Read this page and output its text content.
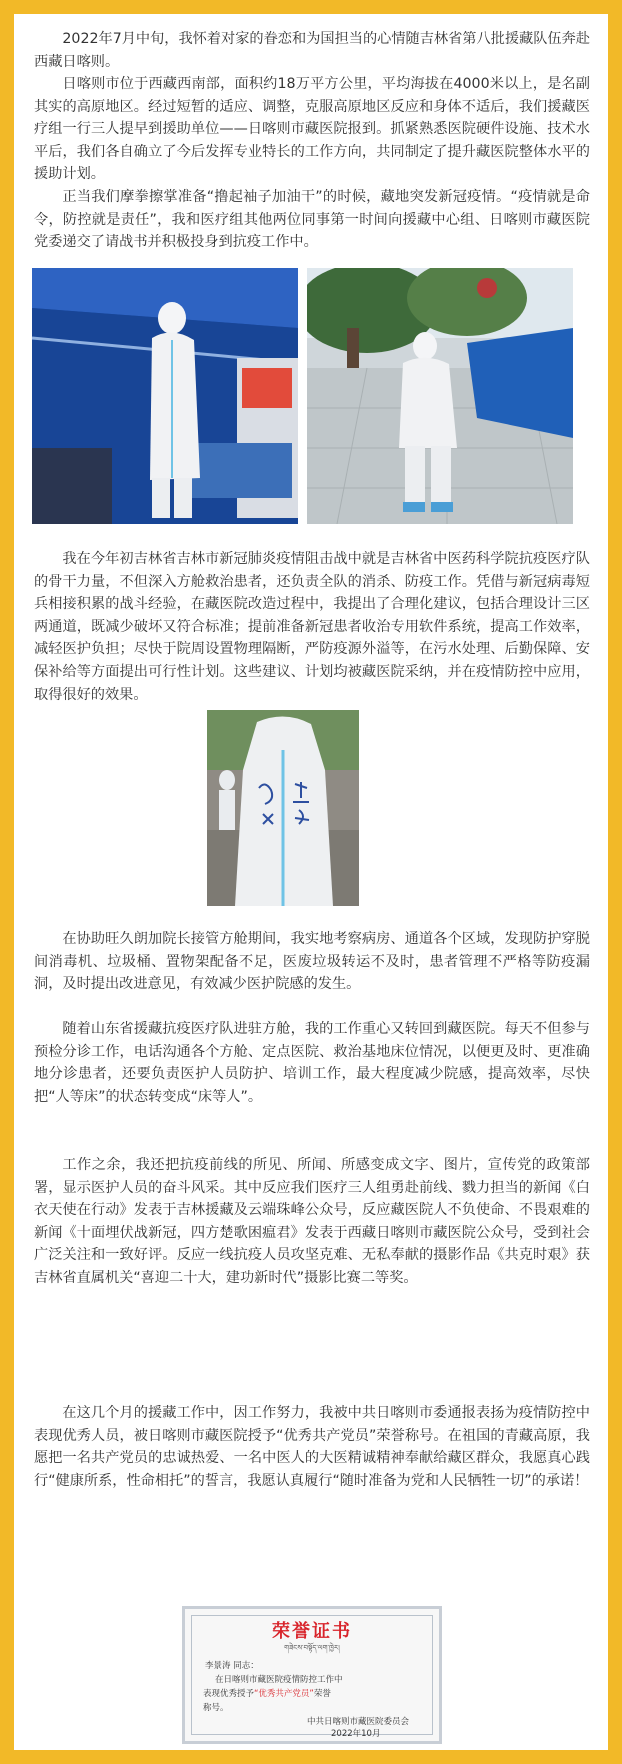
2022年7月中旬，我怀着对家的眷恋和为国担当的心情随吉林省第八批援藏队伍奔赴西藏日喀则。

日喀则市位于西藏西南部，面积约18万平方公里，平均海拔在4000米以上，是名副其实的高原地区。经过短暂的适应、调整，克服高原地区反应和身体不适后，我们援藏医疗组一行三人提早到援助单位——日喀则市藏医院报到。抓紧熟悉医院硬件设施、技术水平后，我们各自确立了今后发挥专业特长的工作方向，共同制定了提升藏医院整体水平的援助计划。

正当我们摩拳擦掌准备“撸起袖子加油干”的时候，藏地突发新冠疫情。“疫情就是命令，防控就是责任”，我和医疗组其他两位同事第一时间向援藏中心组、日喀则市藏医院党委递交了请战书并积极投身到抗疫工作中。

我在今年初吉林省吉林市新冠肺炎疫情阻击战中就是吉林省中医药科学院抗疫医疗队的骨干力量，不但深入方舱救治患者，还负责全队的消杀、防疫工作。凭借与新冠病毒短兵相接积累的战斗经验，在藏医院改造过程中，我提出了合理化建议，包括合理设计三区两通道，既减少破坏又符合标准；提前准备新冠患者收治专用软件系统，提高工作效率，减轻医护负担；尽快于院周设置物理隔断，严防疫源外溢等，在污水处理、后勤保障、安保补给等方面提出可行性计划。这些建议、计划均被藏医院采纳，并在疫情防控中应用，取得很好的效果。

在协助旺久朗加院长接管方舱期间，我实地考察病房、通道各个区域，发现防护穿脱间消毒机、垃圾桶、置物架配备不足，医废垃圾转运不及时，患者管理不严格等防疫漏洞，及时提出改进意见，有效减少医护院感的发生。

随着山东省援藏抗疫医疗队进驻方舱，我的工作重心又转回到藏医院。每天不但参与预检分诊工作，电话沟通各个方舱、定点医院、救治基地床位情况，以便更及时、更准确地分诊患者，还要负责医护人员防护、培训工作，最大程度减少院感，提高效率，尽快把“人等床”的状态转变成“床等人”。

工作之余，我还把抗疫前线的所见、所闻、所感变成文字、图片，宣传党的政策部署，显示医护人员的奋斗风采。其中反应我们医疗三人组勇赴前线、戮力担当的新闻《白衣天使在行动》发表于吉林援藏及云端珠峰公众号，反应藏医院人不负使命、不畏艰难的新闻《十面埋伏战新冠，四方楚歌困瘟君》发表于西藏日喀则市藏医院公众号，受到社会广泛关注和一致好评。反应一线抗疫人员攻坚克难、无私奉献的摄影作品《共克时艰》获吉林省直属机关“喜迎二十大，建功新时代”摄影比赛二等奖。

在这几个月的援藏工作中，因工作努力，我被中共日喀则市委通报表扬为疫情防控中表现优秀人员，被日喀则市藏医院授予“优秀共产党员”荣誉称号。在祖国的青藏高原，我愿把一名共产党员的忠诚热爱、一名中医人的大医精诚精神奉献给藏区群众，我愿真心践行“健康所系，性命相托”的誓言，我愿认真履行“随时准备为党和人民牺牲一切”的承诺！

荣誉证书
གཟེངས་བསྟོད་ལག་ཁྱེར།
李景涛 同志：
在日喀则市藏医院疫情防控工作中
表现优秀授予“优秀共产党员”荣誉
称号。
中共日喀则市藏医院委员会
2022年10月
